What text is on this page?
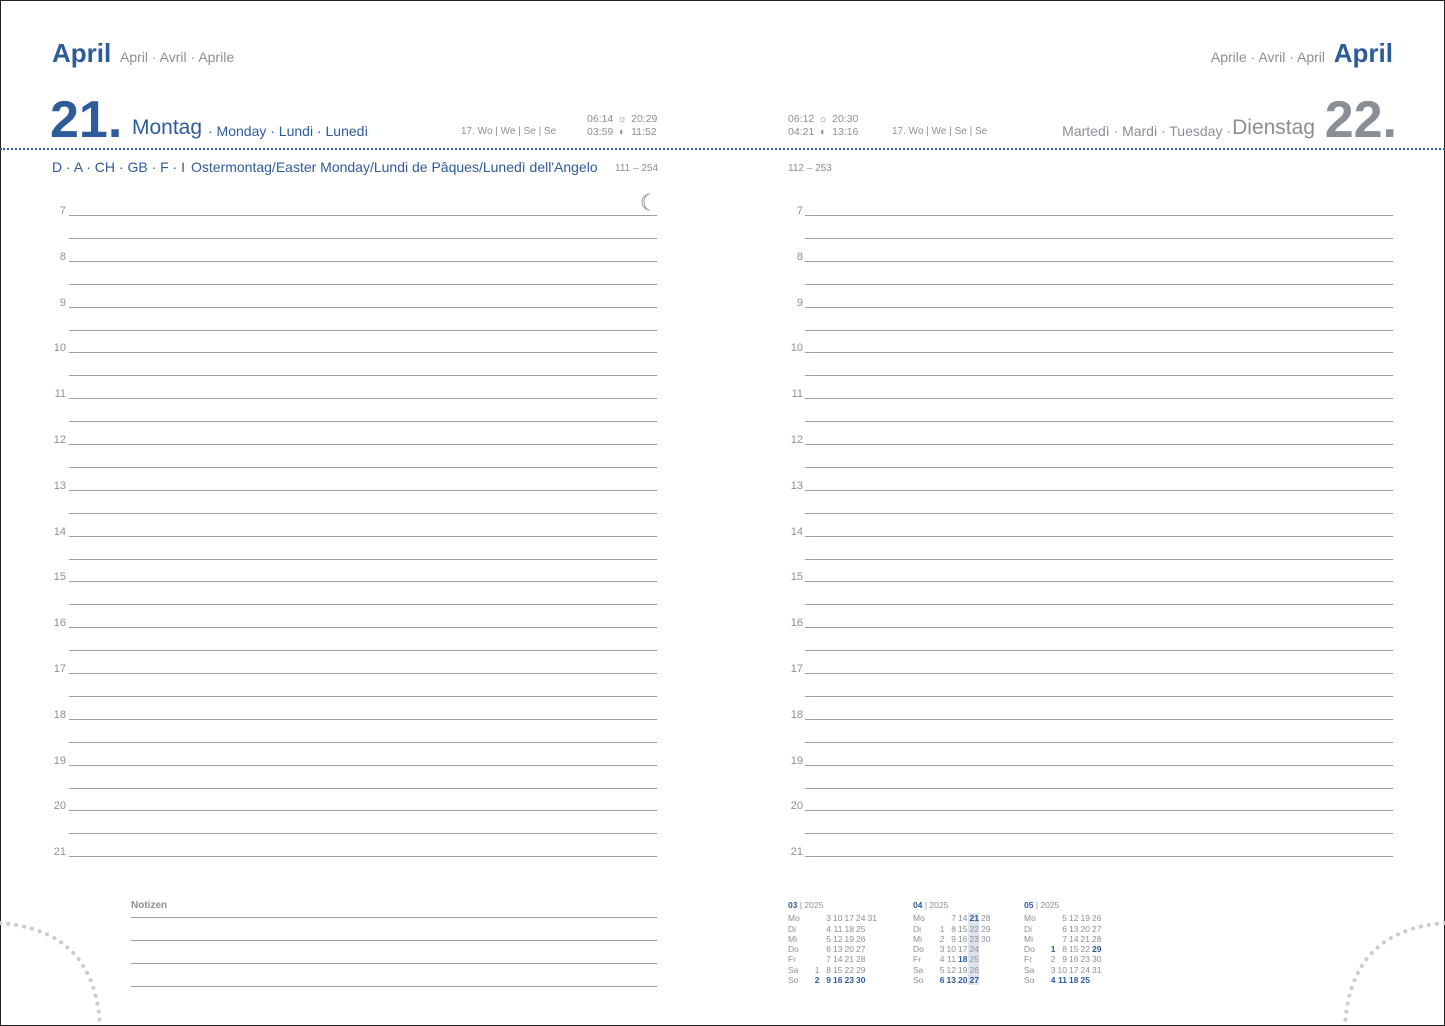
April April · Avril · Aprile
21. Montag · Monday · Lundi · Lunedì	17. Wo | We | Se | Se
06:14 ☼ 20:29
03:59 ◐ 11:52
April
Aprile · Avril · April
22.
Dienstag
Martedì · Mardi · Tuesday ·
17. Wo | We | Se | Se
06:12 ☼ 20:30
04:21 ◐ 13:16
D · A · CH · GB · F · I Ostermontag/Easter Monday/Lundi de Pâques/Lunedì dell'Angelo 111 – 254	112 – 253
7
8
9
10
11
12
13
14
15
16
17
18
19
20
21
7
8
9
10
11
12
13
14
15
16
17
18
19
20
21
Notizen	03 | 2025
Mo		3	10	17	24	31
Di		4	11	18	25	
Mi		5	12	19	26	
Do		6	13	20	27	
Fr		7	14	21	28	
Sa	1	8	15	22	29	
So	2	9	16	23	30	
04 | 2025
Mo		7	14	21	28
Di	1	8	15	22	29
Mi	2	9	16	23	30
Do	3	10	17	24	
Fr	4	11	18	25	
Sa	5	12	19	26	
So	6	13	20	27	
05 | 2025
Mo		5	12	19	26
Di		6	13	20	27
Mi		7	14	21	28
Do	1	8	15	22	29
Fr	2	9	16	23	30
Sa	3	10	17	24	31
So	4	11	18	25	
